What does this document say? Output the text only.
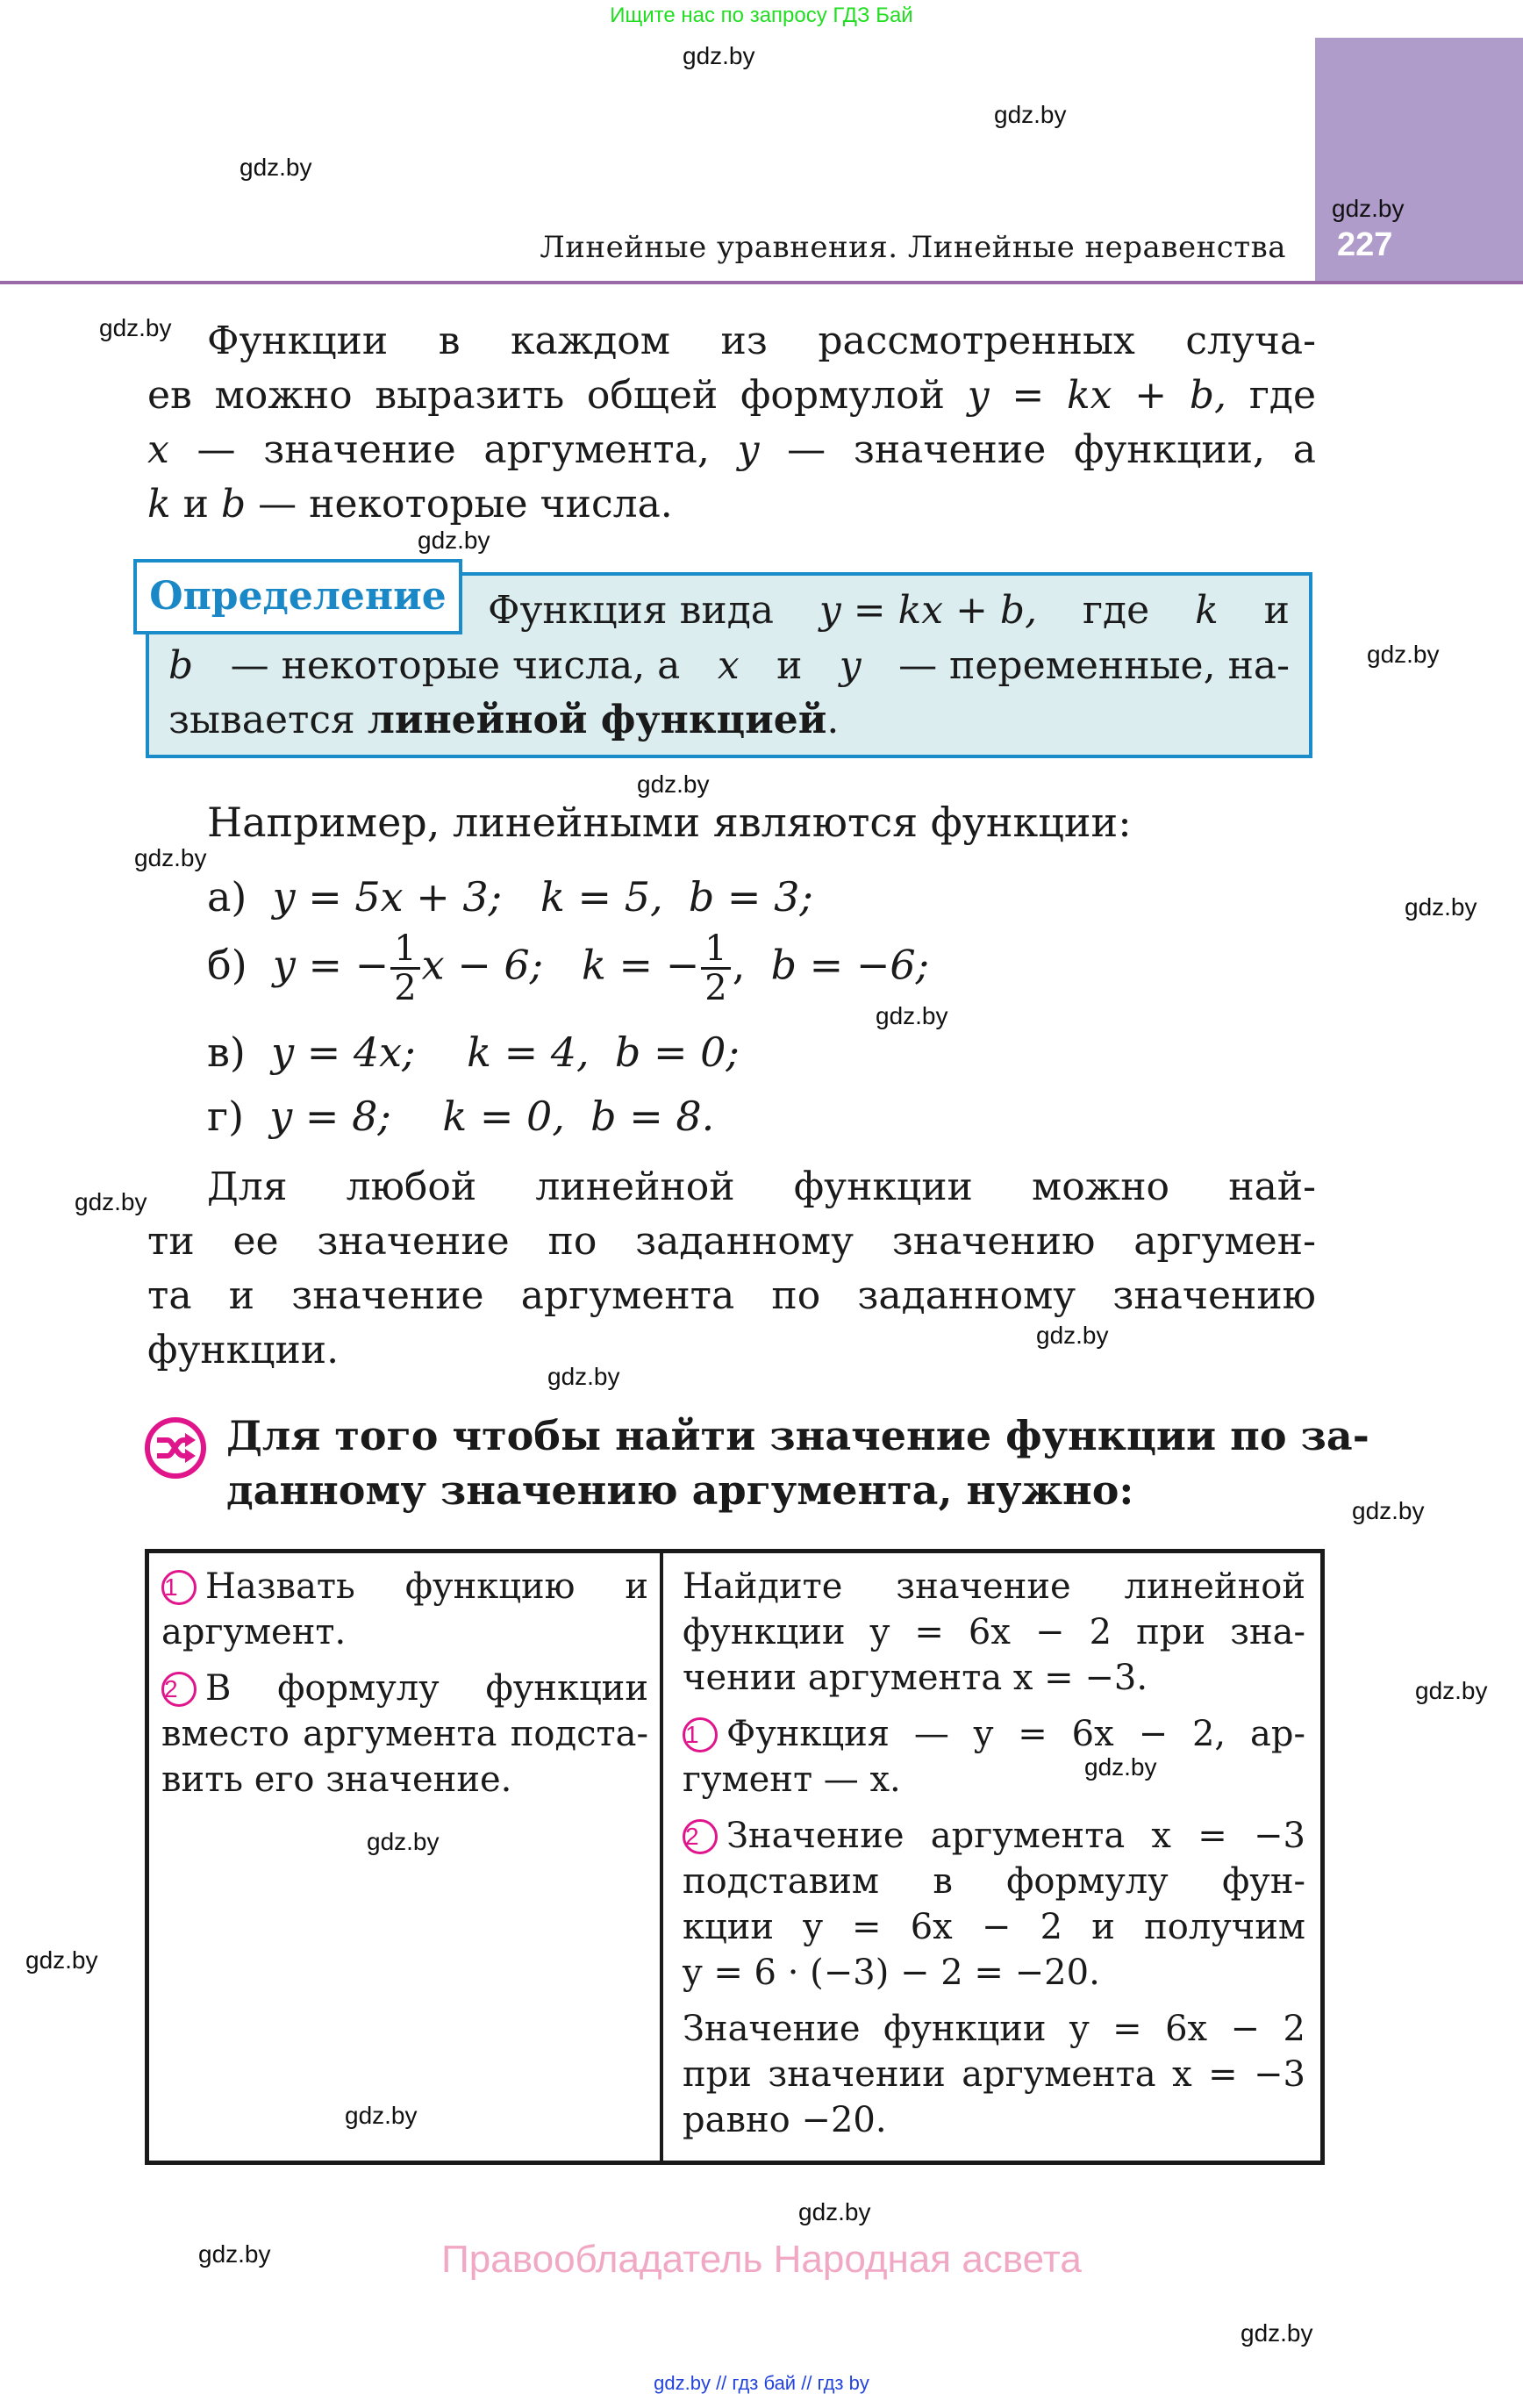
Ищите нас по запросу ГДЗ Бай
227
Линейные уравнения. Линейные неравенства
gdz.by
gdz.by
gdz.by
gdz.by
gdz.by
gdz.by
gdz.by
gdz.by
gdz.by
gdz.by
gdz.by
gdz.by
gdz.by
gdz.by
gdz.by
gdz.by
gdz.by
gdz.by
gdz.by
gdz.by
gdz.by
gdz.by
gdz.by
Функции в каждом из рассмотренных случа-
ев можно выразить общей формулой y = kx + b, где
x — значение аргумента, y — значение функции, а
k и b — некоторые числа.
Определение	Функция вида y = kx + b, где k и
b — некоторые числа, а x и y — переменные, на-
зывается линейной функцией.
Например, линейными являются функции:
а) y = 5x + 3; k = 5, b = 3;
б) y = − $\frac{1}{2}$ x − 6; k = − $\frac{1}{2}$ , b = −6;
в) y = 4x; k = 4, b = 0;
г) y = 8; k = 0, b = 8.
Для любой линейной функции можно най-
ти ее значение по заданному значению аргумен-
та и значение аргумента по заданному значению
функции.
Для того чтобы найти значение функции по за-
данному значению аргумента, нужно:
1 Назвать функцию и
аргумент.
2 В формулу функции
вместо аргумента подста-
вить его значение.
Найдите значение линейной
функции y = 6x − 2 при зна-
чении аргумента x = −3.
1 Функция — y = 6x − 2, ар-
гумент — x.
2 Значение аргумента x = −3
подставим в формулу фун-
кции y = 6x − 2 и получим
y = 6 · (−3) − 2 = −20.
Значение функции y = 6x − 2
при значении аргумента x = −3
равно −20.
Правообладатель Народная асвета
gdz.by // гдз бай // гдз by
